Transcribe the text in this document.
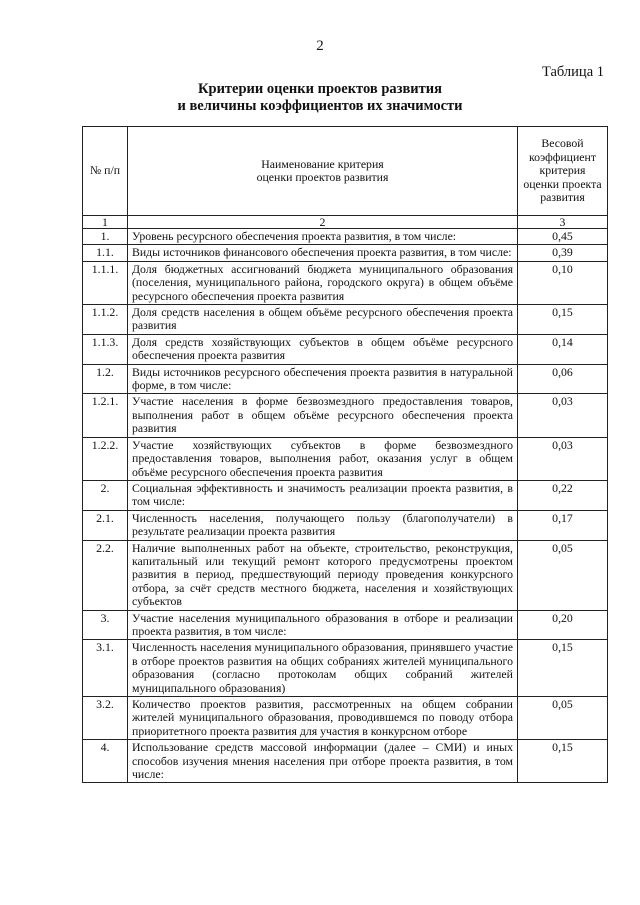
2
Таблица 1
Критерии оценки проектов развития
и величины коэффициентов их значимости
№ п/п	Наименование критерия оценки проектов развития	Весовой коэффициент критерия оценки проекта развития

1	2	3
1.	Уровень ресурсного обеспечения проекта развития, в том числе:	0,45
1.1.	Виды источников финансового обеспечения проекта развития, в том числе:	0,39
1.1.1.	Доля бюджетных ассигнований бюджета муниципального образования (поселения, муниципального района, городского округа) в общем объёме ресурсного обеспечения проекта развития	0,10
1.1.2.	Доля средств населения в общем объёме ресурсного обеспечения проекта развития	0,15
1.1.3.	Доля средств хозяйствующих субъектов в общем объёме ресурсного обеспечения проекта развития	0,14
1.2.	Виды источников ресурсного обеспечения проекта развития в натуральной форме, в том числе:	0,06
1.2.1.	Участие населения в форме безвозмездного предоставления товаров, выполнения работ в общем объёме ресурсного обеспечения проекта развития	0,03
1.2.2.	Участие хозяйствующих субъектов в форме безвозмездного предоставления товаров, выполнения работ, оказания услуг в общем объёме ресурсного обеспечения проекта развития	0,03
2.	Социальная эффективность и значимость реализации проекта развития, в том числе:	0,22
2.1.	Численность населения, получающего пользу (благополучатели) в результате реализации проекта развития	0,17
2.2.	Наличие выполненных работ на объекте, строительство, реконструкция, капитальный или текущий ремонт которого предусмотрены проектом развития в период, предшествующий периоду проведения конкурсного отбора, за счёт средств местного бюджета, населения и хозяйствующих субъектов	0,05
3.	Участие населения муниципального образования в отборе и реализации проекта развития, в том числе:	0,20
3.1.	Численность населения муниципального образования, принявшего участие в отборе проектов развития на общих собраниях жителей муниципального образования (согласно протоколам общих собраний жителей муниципального образования)	0,15
3.2.	Количество проектов развития, рассмотренных на общем собрании жителей муниципального образования, проводившемся по поводу отбора приоритетного проекта развития для участия в конкурсном отборе	0,05
4.	Использование средств массовой информации (далее – СМИ) и иных способов изучения мнения населения при отборе проекта развития, в том числе:	0,15
